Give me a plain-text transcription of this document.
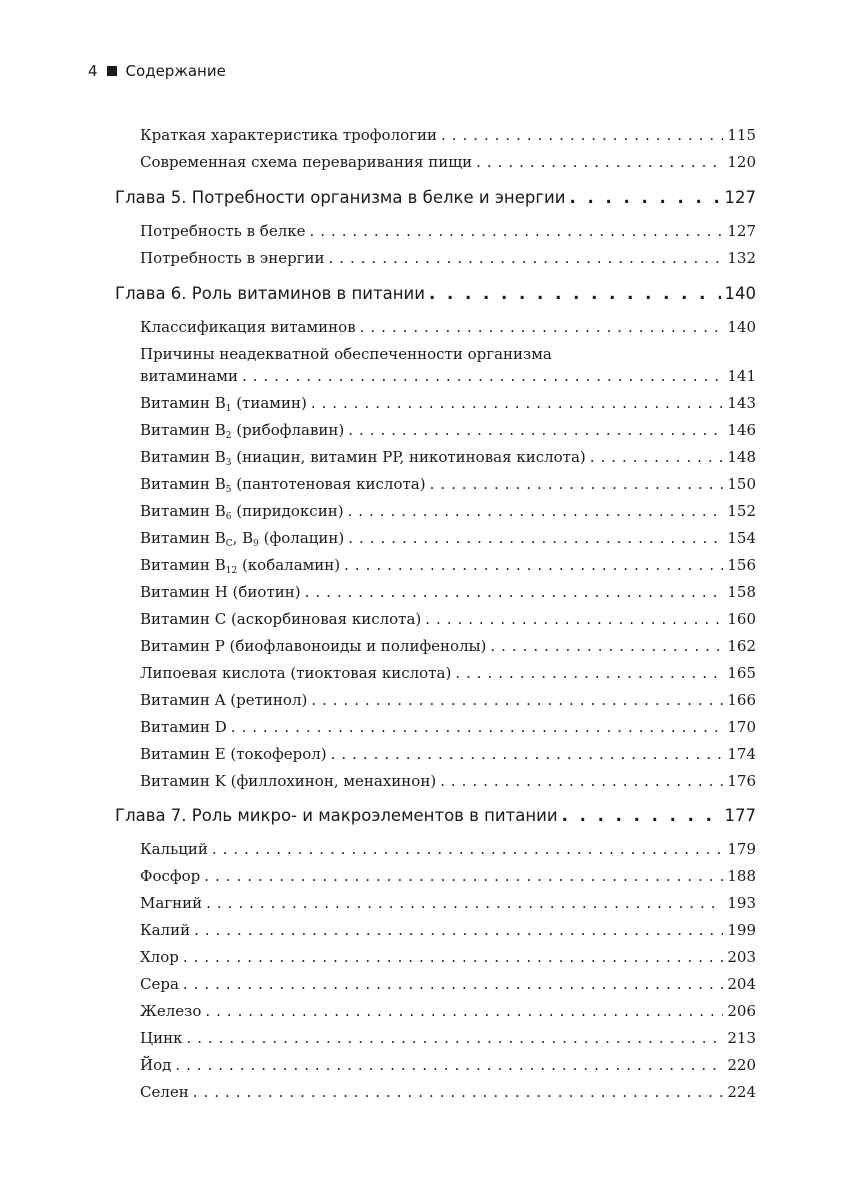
4 Содержание
Краткая характеристика трофологии . . .	115
Современная схема переваривания пищи . . .	120
Глава 5. Потребности организма в белке и энергии . . .	127
Потребность в белке . . .	127
Потребность в энергии . . .	132
Глава 6. Роль витаминов в питании . . .	140
Классификация витаминов . . .	140
Причины неадекватной обеспеченности организма
витаминами . . .	141
Витамин $B_1$ (тиамин) . . .	143
Витамин $B_2$ (рибофлавин) . . .	146
Витамин $B_3$ (ниацин, витамин PP, никотиновая кислота) . . .	148
Витамин $B_5$ (пантотеновая кислота) . . .	150
Витамин $B_6$ (пиридоксин) . . .	152
Витамин $B_C$, $B_9$ (фолацин) . . .	154
Витамин $B_{12}$ (кобаламин) . . .	156
Витамин H (биотин) . . .	158
Витамин C (аскорбиновая кислота) . . .	160
Витамин P (биофлавоноиды и полифенолы) . . .	162
Липоевая кислота (тиоктовая кислота) . . .	165
Витамин A (ретинол) . . .	166
Витамин D . . .	170
Витамин E (токоферол) . . .	174
Витамин K (филлохинон, менахинон) . . .	176
Глава 7. Роль микро- и макроэлементов в питании . . .	177
Кальций . . .	179
Фосфор . . .	188
Магний . . .	193
Калий . . .	199
Хлор . . .	203
Сера . . .	204
Железо . . .	206
Цинк . . .	213
Йод . . .	220
Селен . . .	224
